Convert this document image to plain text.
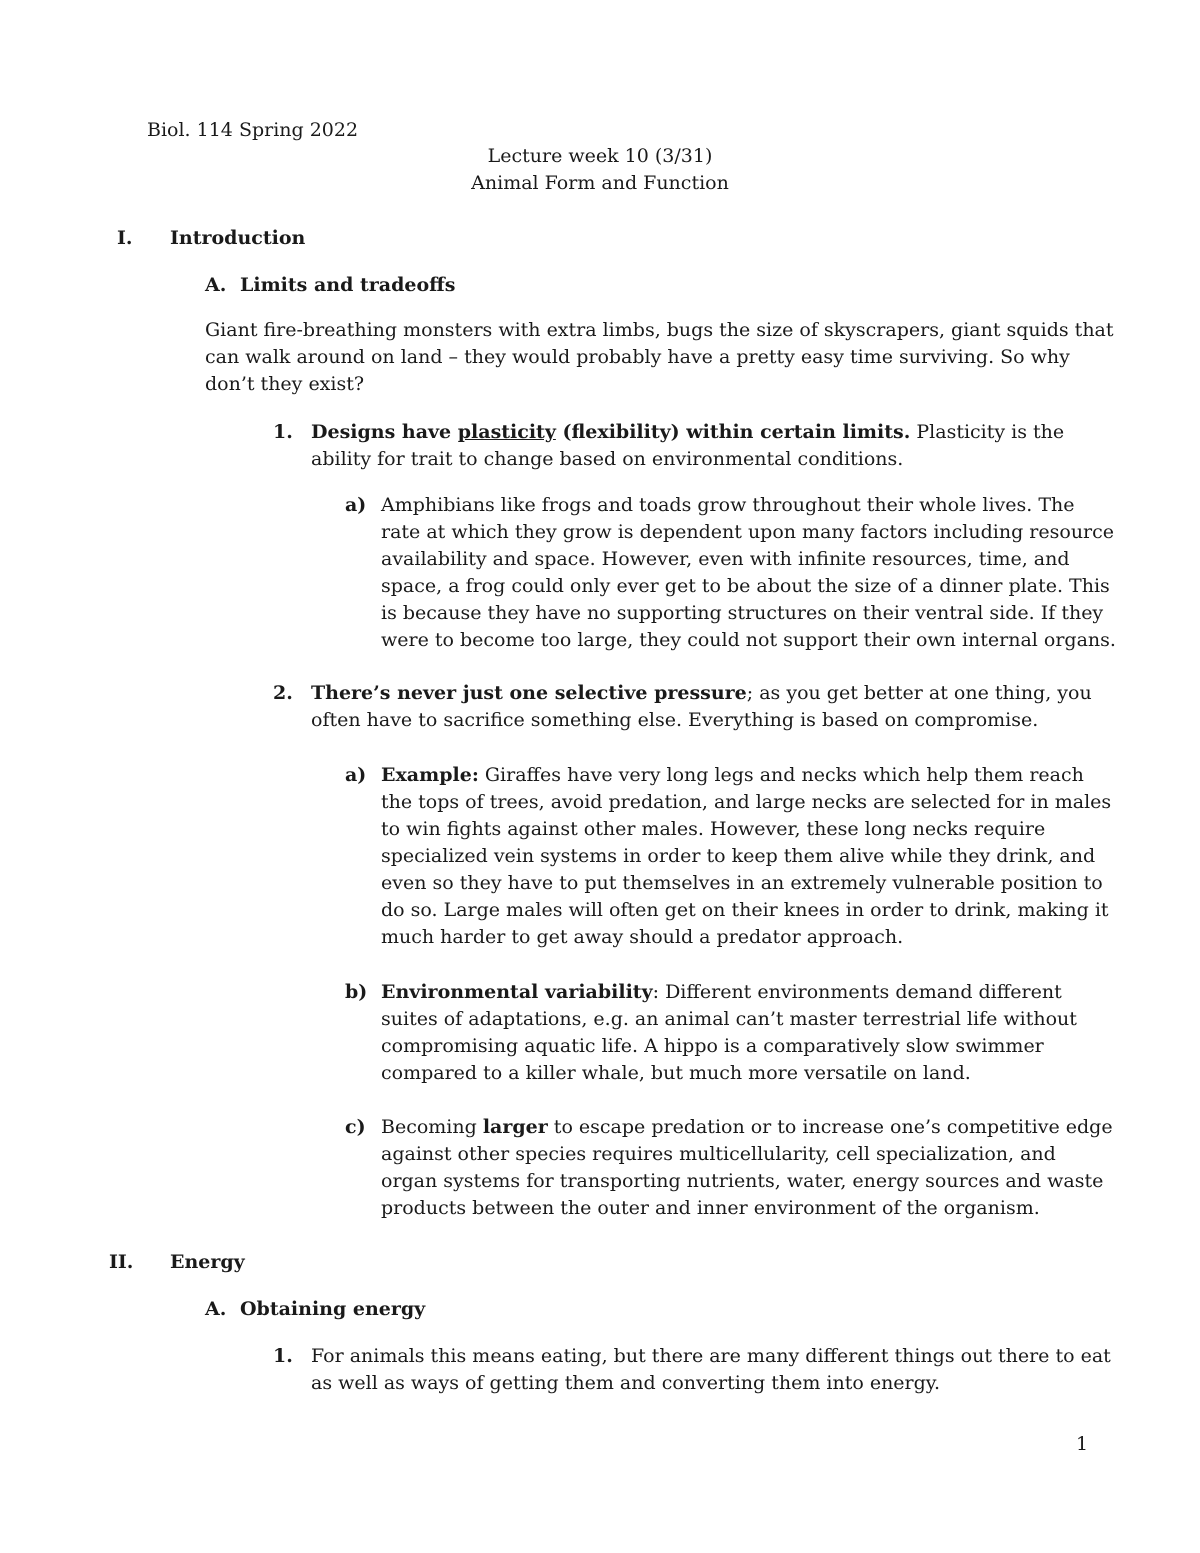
Biol. 114 Spring 2022
Lecture week 10 (3/31)
Animal Form and Function
I. Introduction
A. Limits and tradeoffs
Giant fire-breathing monsters with extra limbs, bugs the size of skyscrapers, giant squids that can walk around on land – they would probably have a pretty easy time surviving. So why don’t they exist?
1. Designs have plasticity (flexibility) within certain limits. Plasticity is the ability for trait to change based on environmental conditions.
a) Amphibians like frogs and toads grow throughout their whole lives. The rate at which they grow is dependent upon many factors including resource availability and space. However, even with infinite resources, time, and space, a frog could only ever get to be about the size of a dinner plate. This is because they have no supporting structures on their ventral side. If they were to become too large, they could not support their own internal organs.
2. There’s never just one selective pressure; as you get better at one thing, you often have to sacrifice something else. Everything is based on compromise.
a) Example: Giraffes have very long legs and necks which help them reach the tops of trees, avoid predation, and large necks are selected for in males to win fights against other males. However, these long necks require specialized vein systems in order to keep them alive while they drink, and even so they have to put themselves in an extremely vulnerable position to do so. Large males will often get on their knees in order to drink, making it much harder to get away should a predator approach.
b) Environmental variability: Different environments demand different suites of adaptations, e.g. an animal can’t master terrestrial life without compromising aquatic life. A hippo is a comparatively slow swimmer compared to a killer whale, but much more versatile on land.
c) Becoming larger to escape predation or to increase one’s competitive edge against other species requires multicellularity, cell specialization, and organ systems for transporting nutrients, water, energy sources and waste products between the outer and inner environment of the organism.
II. Energy
A. Obtaining energy
1. For animals this means eating, but there are many different things out there to eat as well as ways of getting them and converting them into energy.
1
